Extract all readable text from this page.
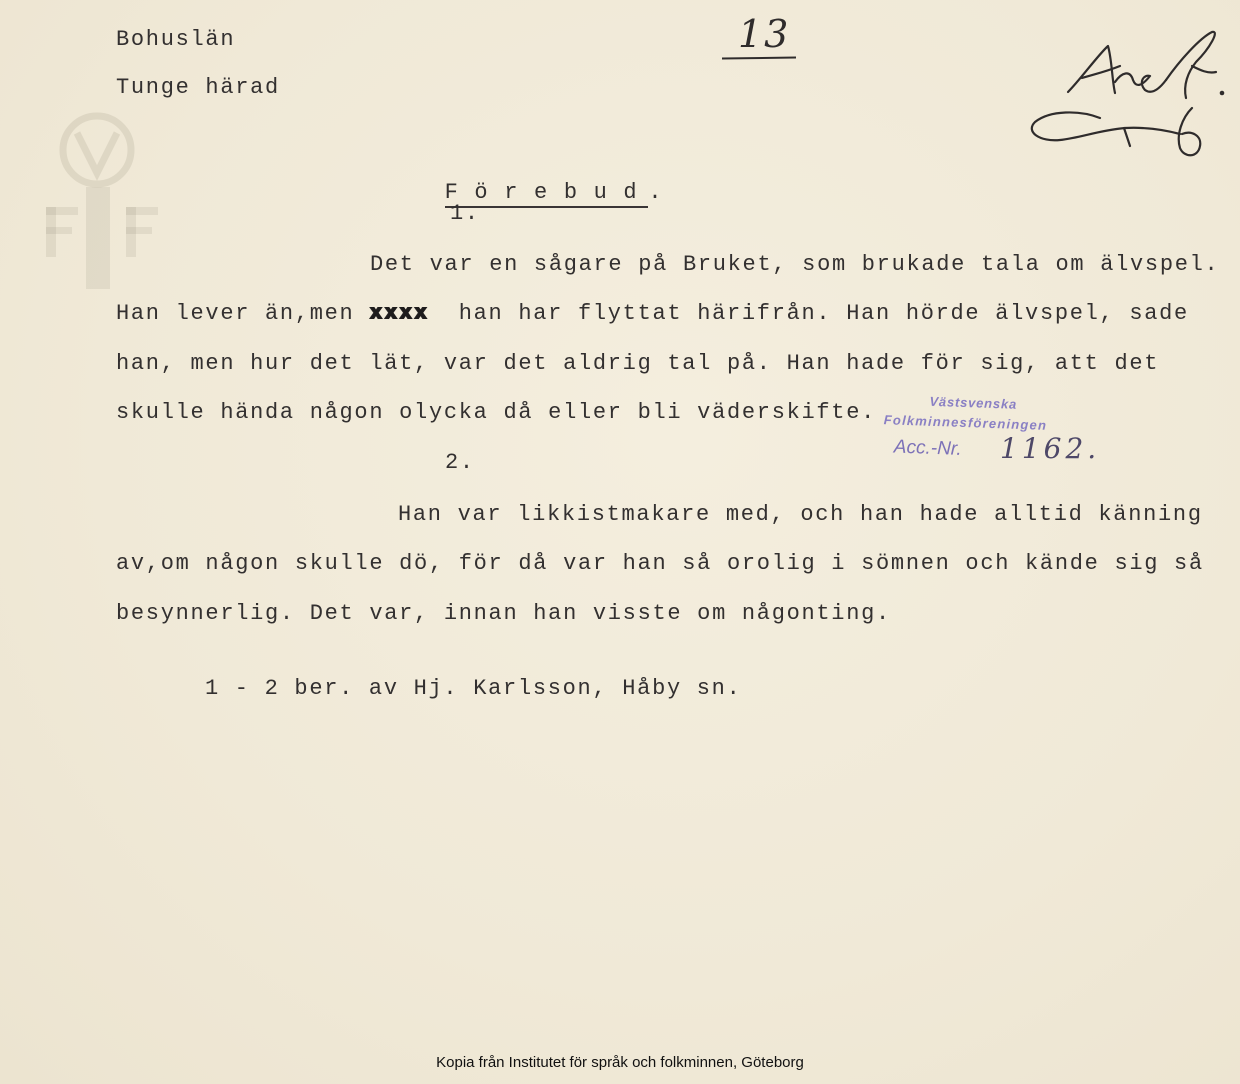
Bohuslän
Tunge härad
13

F ö r e b u d .

1.
Det var en sågare på Bruket, som brukade tala om älvspel.
Han lever än,men xxxx  han har flyttat härifrån. Han hörde älvspel, sade
han, men hur det lät, var det aldrig tal på. Han hade för sig, att det
skulle hända någon olycka då eller bli väderskifte.	Västsvenska
Folkminnesföreningen
Acc.-Nr. 1162.
2.
Han var likkistmakare med, och han hade alltid känning
av,om någon skulle dö, för då var han så orolig i sömnen och kände sig så
besynnerlig. Det var, innan han visste om någonting.
1 - 2 ber. av Hj. Karlsson, Håby sn.
Kopia från Institutet för språk och folkminnen, Göteborg
